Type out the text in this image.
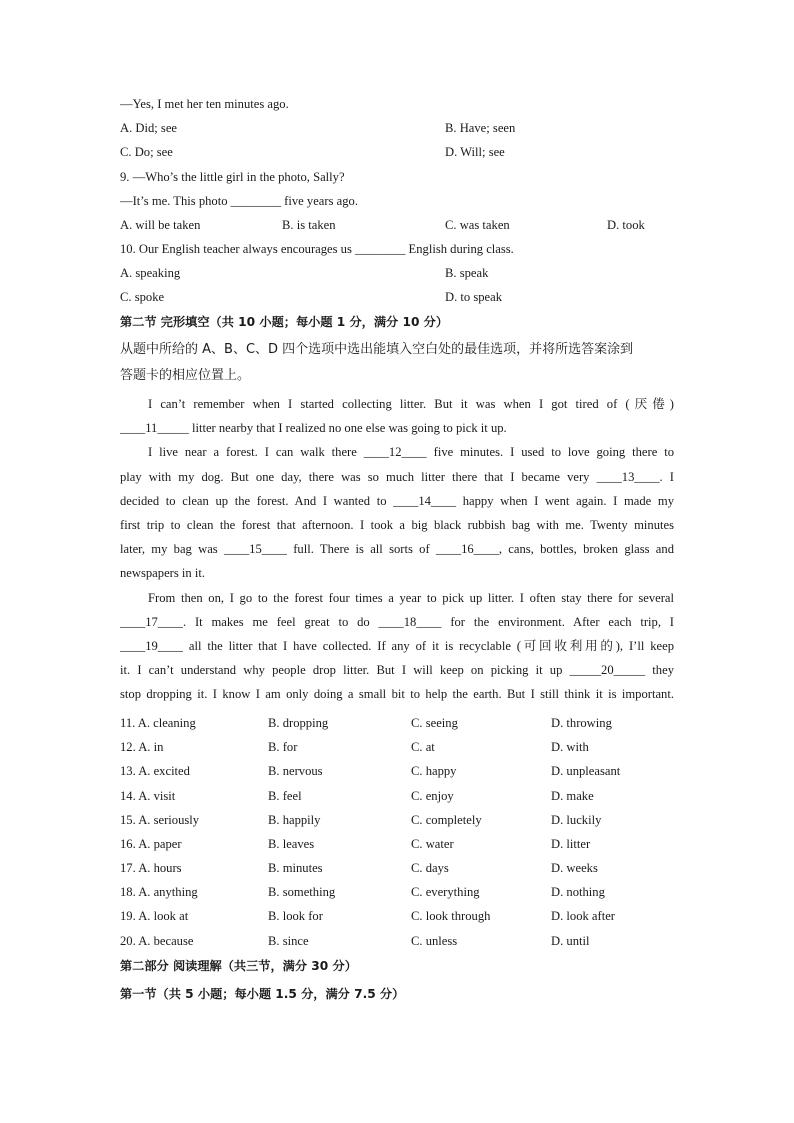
—Yes, I met her ten minutes ago.
A. Did; see	B. Have; seen
C. Do; see	D. Will; see
9. —Who’s the little girl in the photo, Sally?
—It’s me. This photo ________ five years ago.
A. will be taken	B. is taken	C. was taken	D. took
10. Our English teacher always encourages us ________ English during class.
A. speaking	B. speak
C. spoke	D. to speak
第二节 完形填空（共 10 小题；每小题 1 分，满分 10 分）
从题中所给的 A、B、C、D 四个选项中选出能填入空白处的最佳选项，并将所选答案涂到
答题卡的相应位置上。
I can’t remember when I started collecting litter. But it was when I got tired of (厌倦)
____11_____ litter nearby that I realized no one else was going to pick it up.
I live near a forest. I can walk there ____12____ five minutes. I used to love going there to
play with my dog. But one day, there was so much litter there that I became very ____13____. I
decided to clean up the forest. And I wanted to ____14____ happy when I went again. I made my
first trip to clean the forest that afternoon. I took a big black rubbish bag with me. Twenty minutes
later, my bag was ____15____ full. There is all sorts of ____16____, cans, bottles, broken glass and
newspapers in it.
From then on, I go to the forest four times a year to pick up litter. I often stay there for several
____17____. It makes me feel great to do ____18____ for the environment. After each trip, I
____19____ all the litter that I have collected. If any of it is recyclable (可回收利用的), I’ll keep
it. I can’t understand why people drop litter. But I will keep on picking it up _____20_____ they
stop dropping it. I know I am only doing a small bit to help the earth. But I still think it is important.
11. A. cleaning	B. dropping	C. seeing	D. throwing
12. A. in	B. for	C. at	D. with
13. A. excited	B. nervous	C. happy	D. unpleasant
14. A. visit	B. feel	C. enjoy	D. make
15. A. seriously	B. happily	C. completely	D. luckily
16. A. paper	B. leaves	C. water	D. litter
17. A. hours	B. minutes	C. days	D. weeks
18. A. anything	B. something	C. everything	D. nothing
19. A. look at	B. look for	C. look through	D. look after
20. A. because	B. since	C. unless	D. until
第二部分 阅读理解（共三节，满分 30 分）
第一节（共 5 小题；每小题 1.5 分，满分 7.5 分）
